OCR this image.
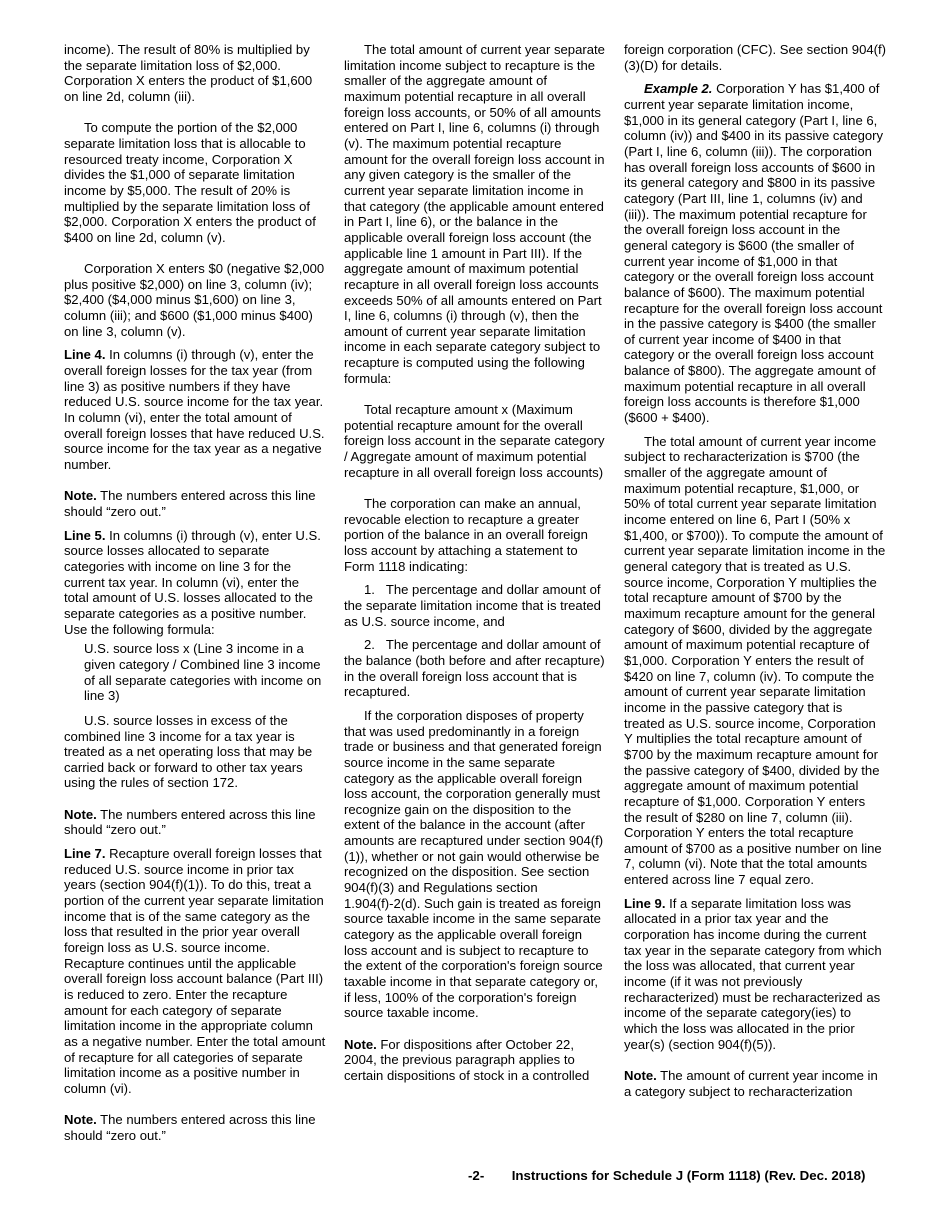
income). The result of 80% is multiplied by the separate limitation loss of $2,000. Corporation X enters the product of $1,600 on line 2d, column (iii).

To compute the portion of the $2,000 separate limitation loss that is allocable to resourced treaty income, Corporation X divides the $1,000 of separate limitation income by $5,000. The result of 20% is multiplied by the separate limitation loss of $2,000. Corporation X enters the product of $400 on line 2d, column (v).

Corporation X enters $0 (negative $2,000 plus positive $2,000) on line 3, column (iv); $2,400 ($4,000 minus $1,600) on line 3, column (iii); and $600 ($1,000 minus $400) on line 3, column (v).

Line 4. In columns (i) through (v), enter the overall foreign losses for the tax year (from line 3) as positive numbers if they have reduced U.S. source income for the tax year. In column (vi), enter the total amount of overall foreign losses that have reduced U.S. source income for the tax year as a negative number.

Note. The numbers entered across this line should “zero out.”

Line 5. In columns (i) through (v), enter U.S. source losses allocated to separate categories with income on line 3 for the current tax year. In column (vi), enter the total amount of U.S. losses allocated to the separate categories as a positive number. Use the following formula:

U.S. source loss x (Line 3 income in a given category / Combined line 3 income of all separate categories with income on line 3)

U.S. source losses in excess of the combined line 3 income for a tax year is treated as a net operating loss that may be carried back or forward to other tax years using the rules of section 172.

Note. The numbers entered across this line should “zero out.”

Line 7. Recapture overall foreign losses that reduced U.S. source income in prior tax years (section 904(f)(1)). To do this, treat a portion of the current year separate limitation income that is of the same category as the loss that resulted in the prior year overall foreign loss as U.S. source income. Recapture continues until the applicable overall foreign loss account balance (Part III) is reduced to zero. Enter the recapture amount for each category of separate limitation income in the appropriate column as a negative number. Enter the total amount of recapture for all categories of separate limitation income as a positive number in column (vi).

Note. The numbers entered across this line should “zero out.”

The total amount of current year separate limitation income subject to recapture is the smaller of the aggregate amount of maximum potential recapture in all overall foreign loss accounts, or 50% of all amounts entered on Part I, line 6, columns (i) through (v). The maximum potential recapture amount for the overall foreign loss account in any given category is the smaller of the current year separate limitation income in that category (the applicable amount entered in Part I, line 6), or the balance in the applicable overall foreign loss account (the applicable line 1 amount in Part III). If the aggregate amount of maximum potential recapture in all overall foreign loss accounts exceeds 50% of all amounts entered on Part I, line 6, columns (i) through (v), then the amount of current year separate limitation income in each separate category subject to recapture is computed using the following formula:

Total recapture amount x (Maximum potential recapture amount for the overall foreign loss account in the separate category / Aggregate amount of maximum potential recapture in all overall foreign loss accounts)

The corporation can make an annual, revocable election to recapture a greater portion of the balance in an overall foreign loss account by attaching a statement to Form 1118 indicating:

1.   The percentage and dollar amount of the separate limitation income that is treated as U.S. source income, and

2.   The percentage and dollar amount of the balance (both before and after recapture) in the overall foreign loss account that is recaptured.

If the corporation disposes of property that was used predominantly in a foreign trade or business and that generated foreign source income in the same separate category as the applicable overall foreign loss account, the corporation generally must recognize gain on the disposition to the extent of the balance in the account (after amounts are recaptured under section 904(f)(1)), whether or not gain would otherwise be recognized on the disposition. See section 904(f)(3) and Regulations section 1.904(f)-2(d). Such gain is treated as foreign source taxable income in the same separate category as the applicable overall foreign loss account and is subject to recapture to the extent of the corporation's foreign source taxable income in that separate category or, if less, 100% of the corporation's foreign source taxable income.

Note. For dispositions after October 22, 2004, the previous paragraph applies to certain dispositions of stock in a controlled

foreign corporation (CFC). See section 904(f)(3)(D) for details.

Example 2. Corporation Y has $1,400 of current year separate limitation income, $1,000 in its general category (Part I, line 6, column (iv)) and $400 in its passive category (Part I, line 6, column (iii)). The corporation has overall foreign loss accounts of $600 in its general category and $800 in its passive category (Part III, line 1, columns (iv) and (iii)). The maximum potential recapture for the overall foreign loss account in the general category is $600 (the smaller of current year income of $1,000 in that category or the overall foreign loss account balance of $600). The maximum potential recapture for the overall foreign loss account in the passive category is $400 (the smaller of current year income of $400 in that category or the overall foreign loss account balance of $800). The aggregate amount of maximum potential recapture in all overall foreign loss accounts is therefore $1,000 ($600 + $400).

The total amount of current year income subject to recharacterization is $700 (the smaller of the aggregate amount of maximum potential recapture, $1,000, or 50% of total current year separate limitation income entered on line 6, Part I (50% x $1,400, or $700)). To compute the amount of current year separate limitation income in the general category that is treated as U.S. source income, Corporation Y multiplies the total recapture amount of $700 by the maximum recapture amount for the general category of $600, divided by the aggregate amount of maximum potential recapture of $1,000. Corporation Y enters the result of $420 on line 7, column (iv). To compute the amount of current year separate limitation income in the passive category that is treated as U.S. source income, Corporation Y multiplies the total recapture amount of $700 by the maximum recapture amount for the passive category of $400, divided by the aggregate amount of maximum potential recapture of $1,000. Corporation Y enters the result of $280 on line 7, column (iii). Corporation Y enters the total recapture amount of $700 as a positive number on line 7, column (vi). Note that the total amounts entered across line 7 equal zero.

Line 9. If a separate limitation loss was allocated in a prior tax year and the corporation has income during the current tax year in the separate category from which the loss was allocated, that current year income (if it was not previously recharacterized) must be recharacterized as income of the separate category(ies) to which the loss was allocated in the prior year(s) (section 904(f)(5)).

Note. The amount of current year income in a category subject to recharacterization

-2- Instructions for Schedule J (Form 1118) (Rev. Dec. 2018)
